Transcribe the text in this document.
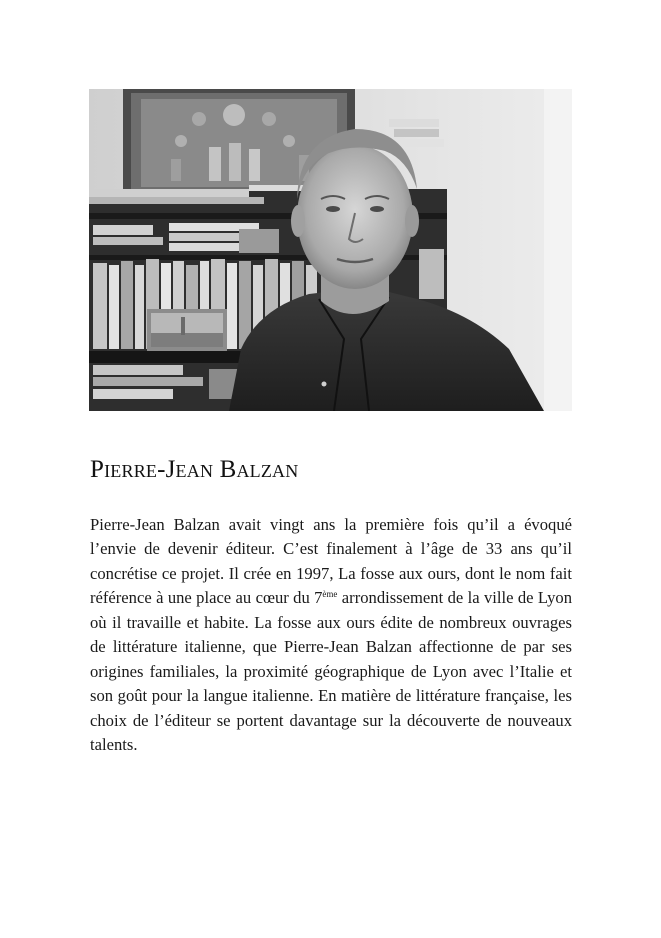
Pierre-Jean Balzan

Pierre-Jean Balzan avait vingt ans la première fois qu’il a évoqué l’envie de devenir éditeur. C’est finalement à l’âge de 33 ans qu’il concrétise ce projet. Il crée en 1997, La fosse aux ours, dont le nom fait référence à une place au cœur du 7ème arrondissement de la ville de Lyon où il travaille et habite. La fosse aux ours édite de nombreux ouvrages de littérature italienne, que Pierre-Jean Balzan affectionne de par ses origines familiales, la proximité géographique de Lyon avec l’Italie et son goût pour la langue italienne. En matière de littérature française, les choix de l’éditeur se portent davantage sur la découverte de nouveaux talents.
